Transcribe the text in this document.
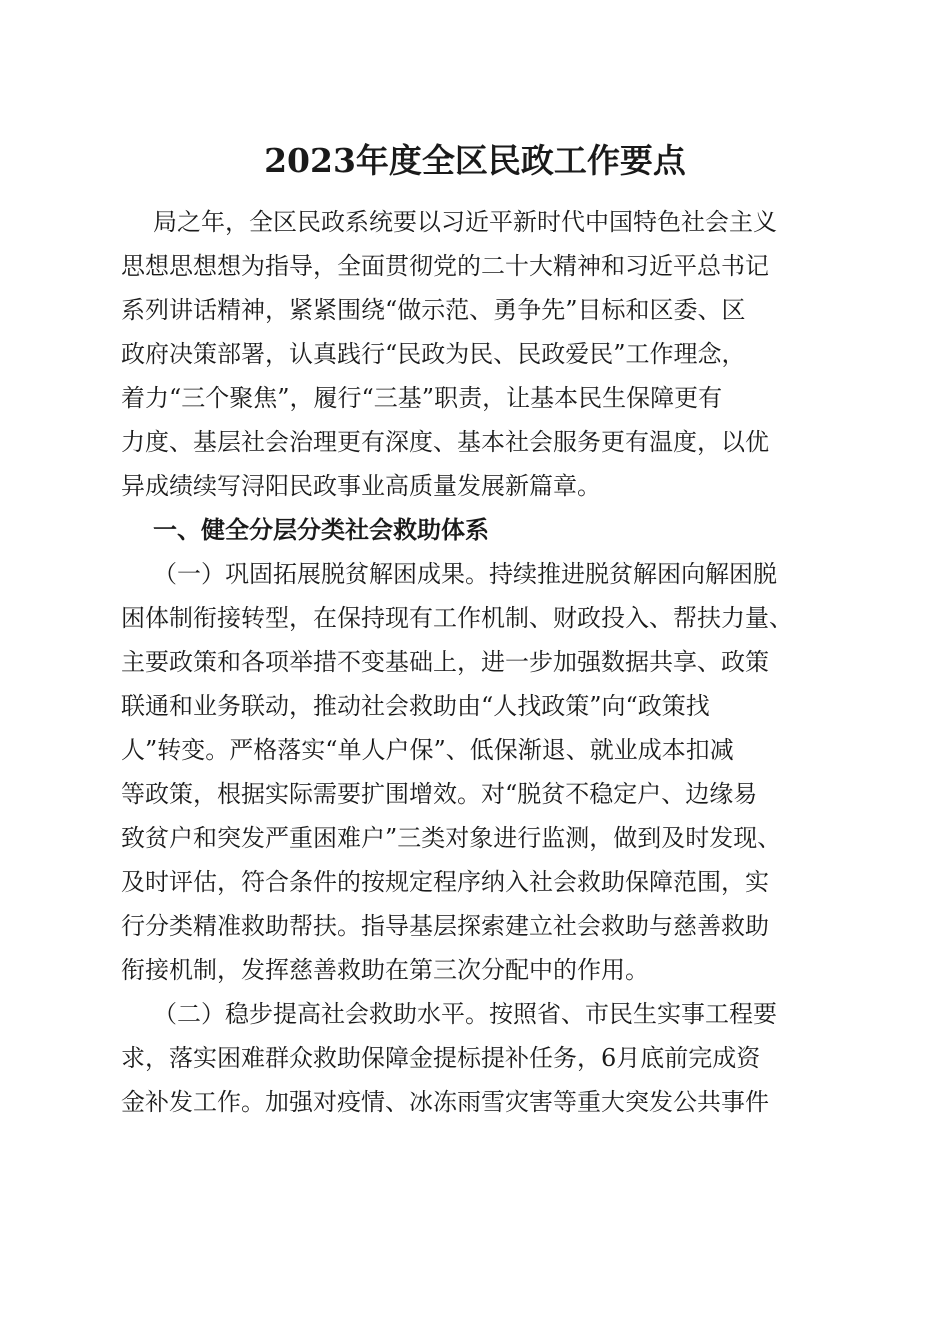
2023年度全区民政工作要点
局之年，全区民政系统要以习近平新时代中国特色社会主义
思想思想想为指导，全面贯彻党的二十大精神和习近平总书记
系列讲话精神，紧紧围绕“做示范、勇争先”目标和区委、区
政府决策部署，认真践行“民政为民、民政爱民”工作理念，
着力“三个聚焦”，履行“三基”职责，让基本民生保障更有
力度、基层社会治理更有深度、基本社会服务更有温度，以优
异成绩续写浔阳民政事业高质量发展新篇章。
一、健全分层分类社会救助体系
（一）巩固拓展脱贫解困成果。持续推进脱贫解困向解困脱
困体制衔接转型，在保持现有工作机制、财政投入、帮扶力量、
主要政策和各项举措不变基础上，进一步加强数据共享、政策
联通和业务联动，推动社会救助由“人找政策”向“政策找
人”转变。严格落实“单人户保”、低保渐退、就业成本扣减
等政策，根据实际需要扩围增效。对“脱贫不稳定户、边缘易
致贫户和突发严重困难户”三类对象进行监测，做到及时发现、
及时评估，符合条件的按规定程序纳入社会救助保障范围，实
行分类精准救助帮扶。指导基层探索建立社会救助与慈善救助
衔接机制，发挥慈善救助在第三次分配中的作用。
（二）稳步提高社会救助水平。按照省、市民生实事工程要
求，落实困难群众救助保障金提标提补任务，6月底前完成资
金补发工作。加强对疫情、冰冻雨雪灾害等重大突发公共事件
